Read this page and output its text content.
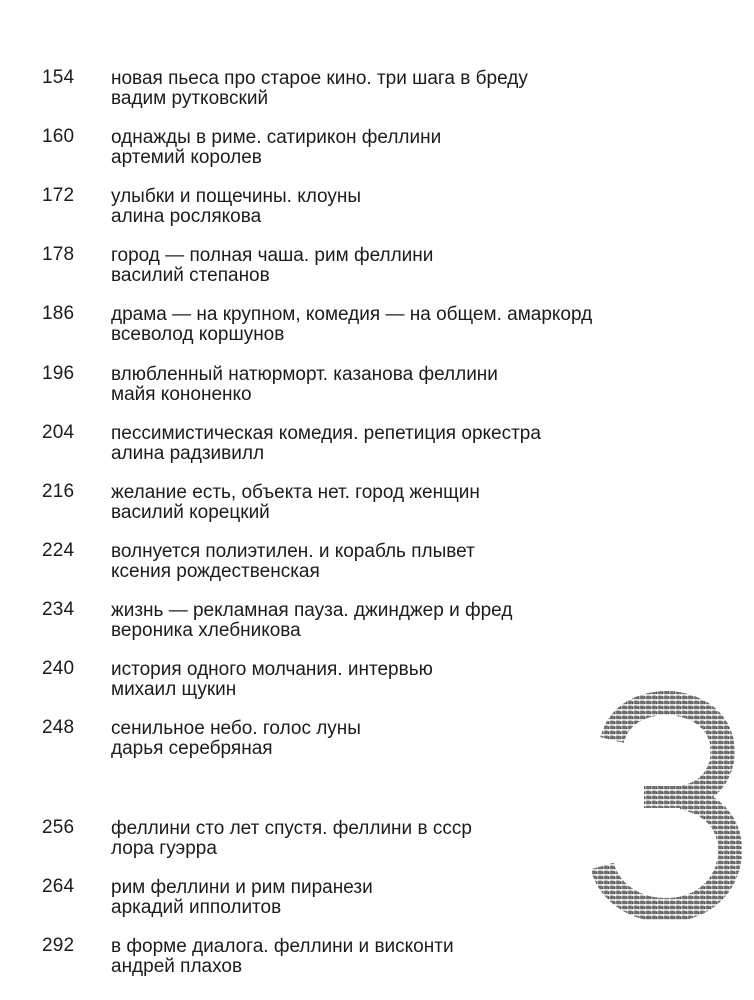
154 новая пьеса про старое кино. три шага в бреду
вадим рутковский
160 однажды в риме. сатирикон феллини
артемий королев
172 улыбки и пощечины. клоуны
алина рослякова
178 город — полная чаша. рим феллини
василий степанов
186 драма — на крупном, комедия — на общем. амаркорд
всеволод коршунов
196 влюбленный натюрморт. казанова феллини
майя кононенко
204 пессимистическая комедия. репетиция оркестра
алина радзивилл
216 желание есть, объекта нет. город женщин
василий корецкий
224 волнуется полиэтилен. и корабль плывет
ксения рождественская
234 жизнь — рекламная пауза. джинджер и фред
вероника хлебникова
240 история одного молчания. интервью
михаил щукин
248 сенильное небо. голос луны
дарья серебряная
256 феллини сто лет спустя. феллини в ссср
лора гуэрра
264 рим феллини и рим пиранези
аркадий ипполитов
292 в форме диалога. феллини и висконти
андрей плахов
3
